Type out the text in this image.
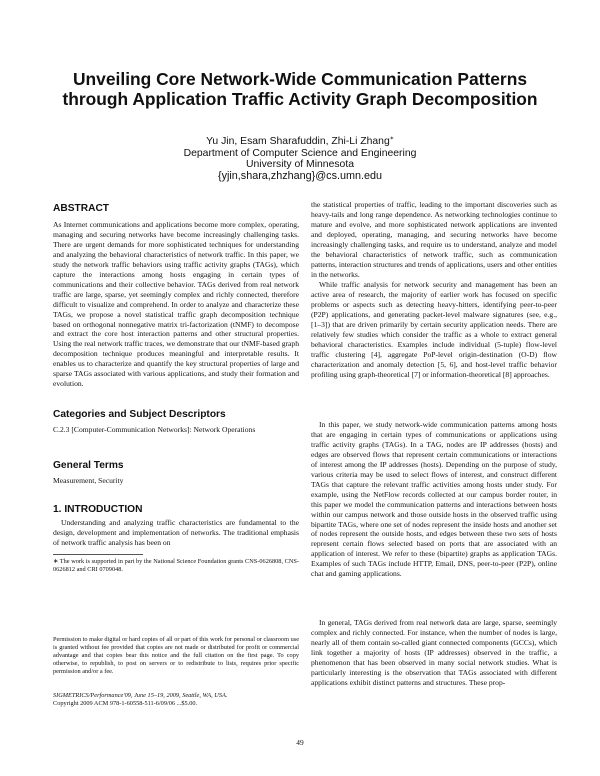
Unveiling Core Network-Wide Communication Patterns
through Application Traffic Activity Graph Decomposition

Yu Jin, Esam Sharafuddin, Zhi-Li Zhang∗

Department of Computer Science and Engineering

University of Minnesota

{yjin,shara,zhzhang}@cs.umn.edu

ABSTRACT

As Internet communications and applications become more complex, operating, managing and securing networks have become increasingly challenging tasks. There are urgent demands for more sophisticated techniques for understanding and analyzing the behavioral characteristics of network traffic. In this paper, we study the network traffic behaviors using traffic activity graphs (TAGs), which capture the interactions among hosts engaging in certain types of communications and their collective behavior. TAGs derived from real network traffic are large, sparse, yet seemingly complex and richly connected, therefore difficult to visualize and comprehend. In order to analyze and characterize these TAGs, we propose a novel statistical traffic graph decomposition technique based on orthogonal nonnegative matrix tri-factorization (tNMF) to decompose and extract the core host interaction patterns and other structural properties. Using the real network traffic traces, we demonstrate that our tNMF-based graph decomposition technique produces meaningful and interpretable results. It enables us to characterize and quantify the key structural properties of large and sparse TAGs associated with various applications, and study their formation and evolution.

Categories and Subject Descriptors

C.2.3 [Computer-Communication Networks]: Network Operations

General Terms

Measurement, Security

1. INTRODUCTION

Understanding and analyzing traffic characteristics are fundamental to the design, development and implementation of networks. The traditional emphasis of network traffic analysis has been on

∗ The work is supported in part by the National Science Foundation grants CNS-0626808, CNS-0626812 and CRI 0709048.

Permission to make digital or hard copies of all or part of this work for personal or classroom use is granted without fee provided that copies are not made or distributed for profit or commercial advantage and that copies bear this notice and the full citation on the first page. To copy otherwise, to republish, to post on servers or to redistribute to lists, requires prior specific permission and/or a fee.

SIGMETRICS/Performance'09, June 15–19, 2009, Seattle, WA, USA.

Copyright 2009 ACM 978-1-60558-511-6/09/06 ...$5.00.

the statistical properties of traffic, leading to the important discoveries such as heavy-tails and long range dependence. As networking technologies continue to mature and evolve, and more sophisticated network applications are invented and deployed, operating, managing, and securing networks have become increasingly challenging tasks, and require us to understand, analyze and model the behavioral characteristics of network traffic, such as communication patterns, interaction structures and trends of applications, users and other entities in the networks.

While traffic analysis for network security and management has been an active area of research, the majority of earlier work has focused on specific problems or aspects such as detecting heavy-hitters, identifying peer-to-peer (P2P) applications, and generating packet-level malware signatures (see, e.g., [1–3]) that are driven primarily by certain security application needs. There are relatively few studies which consider the traffic as a whole to extract general behavioral characteristics. Examples include individual (5-tuple) flow-level traffic clustering [4], aggregate PoP-level origin-destination (O-D) flow characterization and anomaly detection [5, 6], and host-level traffic behavior profiling using graph-theoretical [7] or information-theoretical [8] approaches.

In this paper, we study network-wide communication patterns among hosts that are engaging in certain types of communications or applications using traffic activity graphs (TAGs). In a TAG, nodes are IP addresses (hosts) and edges are observed flows that represent certain communications or interactions of interest among the IP addresses (hosts). Depending on the purpose of study, various criteria may be used to select flows of interest, and construct different TAGs that capture the relevant traffic activities among hosts under study. For example, using the NetFlow records collected at our campus border router, in this paper we model the communication patterns and interactions between hosts within our campus network and those outside hosts in the observed traffic using bipartite TAGs, where one set of nodes represent the inside hosts and another set of nodes represent the outside hosts, and edges between these two sets of hosts represent certain flows selected based on ports that are associated with an application of interest. We refer to these (bipartite) graphs as application TAGs. Examples of such TAGs include HTTP, Email, DNS, peer-to-peer (P2P), online chat and gaming applications.

In general, TAGs derived from real network data are large, sparse, seemingly complex and richly connected. For instance, when the number of nodes is large, nearly all of them contain so-called giant connected components (GCCs), which link together a majority of hosts (IP addresses) observed in the traffic, a phenomenon that has been observed in many social network studies. What is particularly interesting is the observation that TAGs associated with different applications exhibit distinct patterns and structures. These prop-

49
